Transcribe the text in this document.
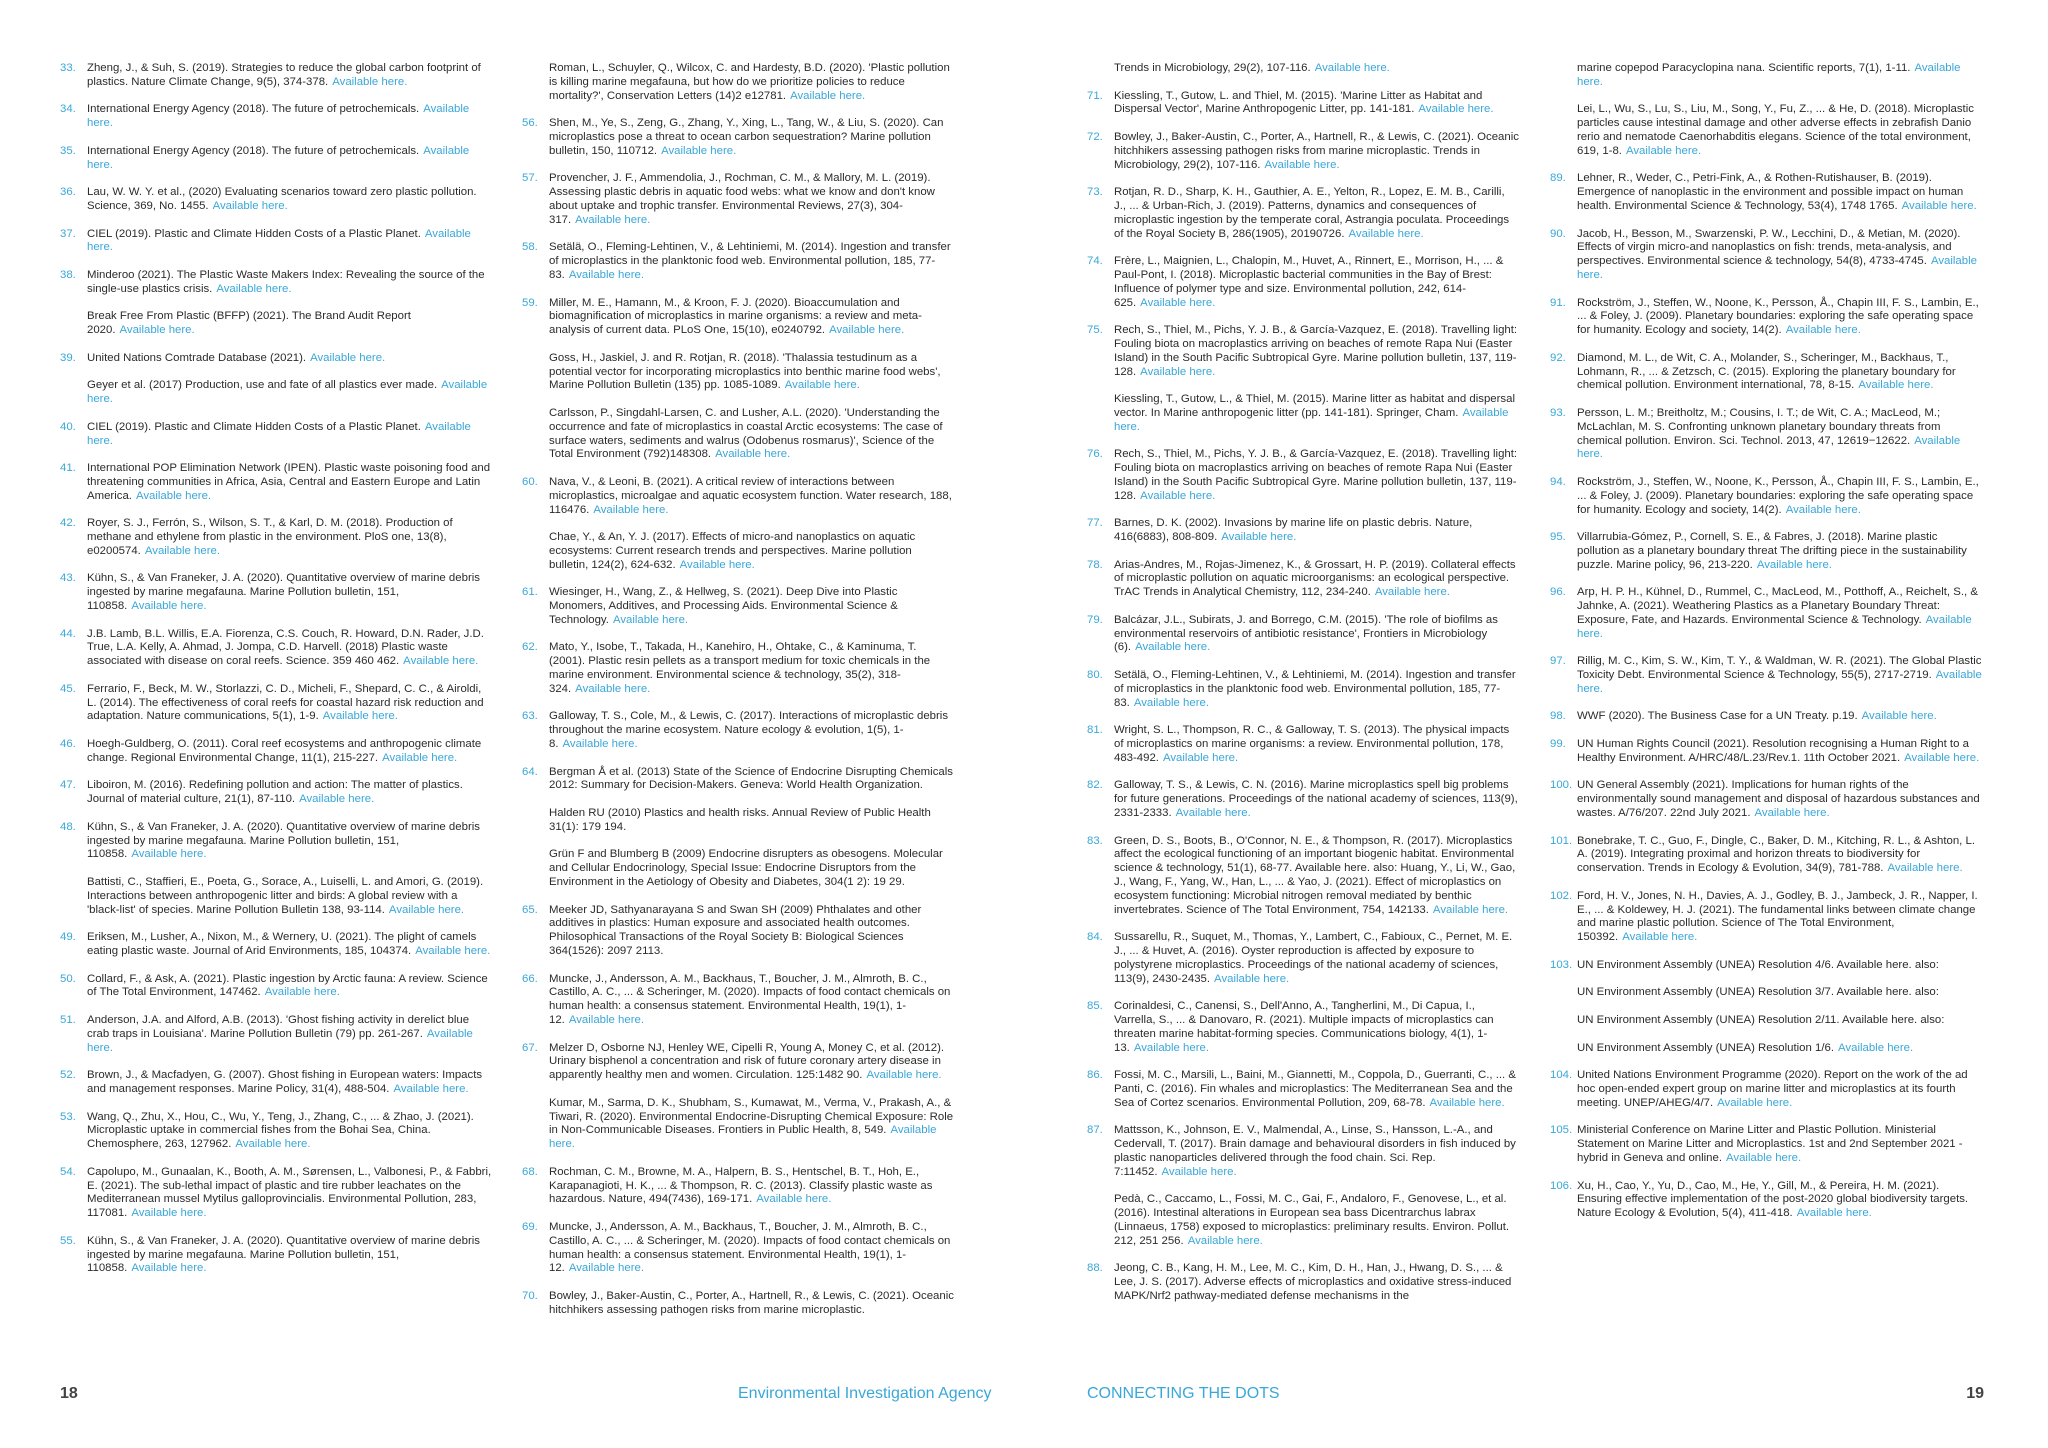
33. Zheng, J., & Suh, S. (2019). Strategies to reduce the global carbon footprint of plastics. Nature Climate Change, 9(5), 374-378. Available here.
34. International Energy Agency (2018). The future of petrochemicals. Available here.
35. International Energy Agency (2018). The future of petrochemicals. Available here.
36. Lau, W. W. Y. et al., (2020) Evaluating scenarios toward zero plastic pollution. Science, 369, No. 1455. Available here.
37. CIEL (2019). Plastic and Climate Hidden Costs of a Plastic Planet. Available here.
38. Minderoo (2021). The Plastic Waste Makers Index: Revealing the source of the single-use plastics crisis. Available here.
Break Free From Plastic (BFFP) (2021). The Brand Audit Report 2020. Available here.
39. United Nations Comtrade Database (2021). Available here.
Geyer et al. (2017) Production, use and fate of all plastics ever made. Available here.
40. CIEL (2019). Plastic and Climate Hidden Costs of a Plastic Planet. Available here.
41. International POP Elimination Network (IPEN). Plastic waste poisoning food and threatening communities in Africa, Asia, Central and Eastern Europe and Latin America. Available here.
42. Royer, S. J., Ferrón, S., Wilson, S. T., & Karl, D. M. (2018). Production of methane and ethylene from plastic in the environment. PloS one, 13(8), e0200574. Available here.
43. Kühn, S., & Van Franeker, J. A. (2020). Quantitative overview of marine debris ingested by marine megafauna. Marine Pollution bulletin, 151, 110858. Available here.
44. J.B. Lamb, B.L. Willis, E.A. Fiorenza, C.S. Couch, R. Howard, D.N. Rader, J.D. True, L.A. Kelly, A. Ahmad, J. Jompa, C.D. Harvell. (2018) Plastic waste associated with disease on coral reefs. Science. 359 460 462. Available here.
45. Ferrario, F., Beck, M. W., Storlazzi, C. D., Micheli, F., Shepard, C. C., & Airoldi, L. (2014). The effectiveness of coral reefs for coastal hazard risk reduction and adaptation. Nature communications, 5(1), 1-9. Available here.
46. Hoegh-Guldberg, O. (2011). Coral reef ecosystems and anthropogenic climate change. Regional Environmental Change, 11(1), 215-227. Available here.
47. Liboiron, M. (2016). Redefining pollution and action: The matter of plastics. Journal of material culture, 21(1), 87-110. Available here.
48. Kühn, S., & Van Franeker, J. A. (2020). Quantitative overview of marine debris ingested by marine megafauna. Marine Pollution bulletin, 151, 110858. Available here.
Battisti, C., Staffieri, E., Poeta, G., Sorace, A., Luiselli, L. and Amori, G. (2019). Interactions between anthropogenic litter and birds: A global review with a 'black-list' of species. Marine Pollution Bulletin 138, 93-114. Available here.
49. Eriksen, M., Lusher, A., Nixon, M., & Wernery, U. (2021). The plight of camels eating plastic waste. Journal of Arid Environments, 185, 104374. Available here.
50. Collard, F., & Ask, A. (2021). Plastic ingestion by Arctic fauna: A review. Science of The Total Environment, 147462. Available here.
51. Anderson, J.A. and Alford, A.B. (2013). 'Ghost fishing activity in derelict blue crab traps in Louisiana'. Marine Pollution Bulletin (79) pp. 261-267. Available here.
52. Brown, J., & Macfadyen, G. (2007). Ghost fishing in European waters: Impacts and management responses. Marine Policy, 31(4), 488-504. Available here.
53. Wang, Q., Zhu, X., Hou, C., Wu, Y., Teng, J., Zhang, C., ... & Zhao, J. (2021). Microplastic uptake in commercial fishes from the Bohai Sea, China. Chemosphere, 263, 127962. Available here.
54. Capolupo, M., Gunaalan, K., Booth, A. M., Sørensen, L., Valbonesi, P., & Fabbri, E. (2021). The sub-lethal impact of plastic and tire rubber leachates on the Mediterranean mussel Mytilus galloprovincialis. Environmental Pollution, 283, 117081. Available here.
55. Kühn, S., & Van Franeker, J. A. (2020). Quantitative overview of marine debris ingested by marine megafauna. Marine Pollution bulletin, 151, 110858. Available here.
Roman, L., Schuyler, Q., Wilcox, C. and Hardesty, B.D. (2020). 'Plastic pollution is killing marine megafauna, but how do we prioritize policies to reduce mortality?', Conservation Letters (14)2 e12781. Available here.
56. Shen, M., Ye, S., Zeng, G., Zhang, Y., Xing, L., Tang, W., & Liu, S. (2020). Can microplastics pose a threat to ocean carbon sequestration? Marine pollution bulletin, 150, 110712. Available here.
57. Provencher, J. F., Ammendolia, J., Rochman, C. M., & Mallory, M. L. (2019). Assessing plastic debris in aquatic food webs: what we know and don't know about uptake and trophic transfer. Environmental Reviews, 27(3), 304-317. Available here.
58. Setälä, O., Fleming-Lehtinen, V., & Lehtiniemi, M. (2014). Ingestion and transfer of microplastics in the planktonic food web. Environmental pollution, 185, 77-83. Available here.
59. Miller, M. E., Hamann, M., & Kroon, F. J. (2020). Bioaccumulation and biomagnification of microplastics in marine organisms: a review and meta-analysis of current data. PLoS One, 15(10), e0240792. Available here.
Goss, H., Jaskiel, J. and R. Rotjan, R. (2018). 'Thalassia testudinum as a potential vector for incorporating microplastics into benthic marine food webs', Marine Pollution Bulletin (135) pp. 1085-1089. Available here.
Carlsson, P., Singdahl-Larsen, C. and Lusher, A.L. (2020). 'Understanding the occurrence and fate of microplastics in coastal Arctic ecosystems: The case of surface waters, sediments and walrus (Odobenus rosmarus)', Science of the Total Environment (792)148308. Available here.
60. Nava, V., & Leoni, B. (2021). A critical review of interactions between microplastics, microalgae and aquatic ecosystem function. Water research, 188, 116476. Available here.
Chae, Y., & An, Y. J. (2017). Effects of micro-and nanoplastics on aquatic ecosystems: Current research trends and perspectives. Marine pollution bulletin, 124(2), 624-632. Available here.
61. Wiesinger, H., Wang, Z., & Hellweg, S. (2021). Deep Dive into Plastic Monomers, Additives, and Processing Aids. Environmental Science & Technology. Available here.
62. Mato, Y., Isobe, T., Takada, H., Kanehiro, H., Ohtake, C., & Kaminuma, T. (2001). Plastic resin pellets as a transport medium for toxic chemicals in the marine environment. Environmental science & technology, 35(2), 318-324. Available here.
63. Galloway, T. S., Cole, M., & Lewis, C. (2017). Interactions of microplastic debris throughout the marine ecosystem. Nature ecology & evolution, 1(5), 1-8. Available here.
64. Bergman Å et al. (2013) State of the Science of Endocrine Disrupting Chemicals 2012: Summary for Decision-Makers. Geneva: World Health Organization.
Halden RU (2010) Plastics and health risks. Annual Review of Public Health 31(1): 179 194.
Grün F and Blumberg B (2009) Endocrine disrupters as obesogens. Molecular and Cellular Endocrinology, Special Issue: Endocrine Disruptors from the Environment in the Aetiology of Obesity and Diabetes, 304(1 2): 19 29.
65. Meeker JD, Sathyanarayana S and Swan SH (2009) Phthalates and other additives in plastics: Human exposure and associated health outcomes. Philosophical Transactions of the Royal Society B: Biological Sciences 364(1526): 2097 2113.
66. Muncke, J., Andersson, A. M., Backhaus, T., Boucher, J. M., Almroth, B. C., Castillo, A. C., ... & Scheringer, M. (2020). Impacts of food contact chemicals on human health: a consensus statement. Environmental Health, 19(1), 1-12. Available here.
67. Melzer D, Osborne NJ, Henley WE, Cipelli R, Young A, Money C, et al. (2012). Urinary bisphenol a concentration and risk of future coronary artery disease in apparently healthy men and women. Circulation. 125:1482 90. Available here.
Kumar, M., Sarma, D. K., Shubham, S., Kumawat, M., Verma, V., Prakash, A., & Tiwari, R. (2020). Environmental Endocrine-Disrupting Chemical Exposure: Role in Non-Communicable Diseases. Frontiers in Public Health, 8, 549. Available here.
68. Rochman, C. M., Browne, M. A., Halpern, B. S., Hentschel, B. T., Hoh, E., Karapanagioti, H. K., ... & Thompson, R. C. (2013). Classify plastic waste as hazardous. Nature, 494(7436), 169-171. Available here.
69. Muncke, J., Andersson, A. M., Backhaus, T., Boucher, J. M., Almroth, B. C., Castillo, A. C., ... & Scheringer, M. (2020). Impacts of food contact chemicals on human health: a consensus statement. Environmental Health, 19(1), 1-12. Available here.
70. Bowley, J., Baker-Austin, C., Porter, A., Hartnell, R., & Lewis, C. (2021). Oceanic hitchhikers assessing pathogen risks from marine microplastic.
Trends in Microbiology, 29(2), 107-116. Available here.
71. Kiessling, T., Gutow, L. and Thiel, M. (2015). 'Marine Litter as Habitat and Dispersal Vector', Marine Anthropogenic Litter, pp. 141-181. Available here.
72. Bowley, J., Baker-Austin, C., Porter, A., Hartnell, R., & Lewis, C. (2021). Oceanic hitchhikers assessing pathogen risks from marine microplastic. Trends in Microbiology, 29(2), 107-116. Available here.
73. Rotjan, R. D., Sharp, K. H., Gauthier, A. E., Yelton, R., Lopez, E. M. B., Carilli, J., ... & Urban-Rich, J. (2019). Patterns, dynamics and consequences of microplastic ingestion by the temperate coral, Astrangia poculata. Proceedings of the Royal Society B, 286(1905), 20190726. Available here.
74. Frère, L., Maignien, L., Chalopin, M., Huvet, A., Rinnert, E., Morrison, H., ... & Paul-Pont, I. (2018). Microplastic bacterial communities in the Bay of Brest: Influence of polymer type and size. Environmental pollution, 242, 614-625. Available here.
75. Rech, S., Thiel, M., Pichs, Y. J. B., & García-Vazquez, E. (2018). Travelling light: Fouling biota on macroplastics arriving on beaches of remote Rapa Nui (Easter Island) in the South Pacific Subtropical Gyre. Marine pollution bulletin, 137, 119-128. Available here.
Kiessling, T., Gutow, L., & Thiel, M. (2015). Marine litter as habitat and dispersal vector. In Marine anthropogenic litter (pp. 141-181). Springer, Cham. Available here.
76. Rech, S., Thiel, M., Pichs, Y. J. B., & García-Vazquez, E. (2018). Travelling light: Fouling biota on macroplastics arriving on beaches of remote Rapa Nui (Easter Island) in the South Pacific Subtropical Gyre. Marine pollution bulletin, 137, 119-128. Available here.
77. Barnes, D. K. (2002). Invasions by marine life on plastic debris. Nature, 416(6883), 808-809. Available here.
78. Arias-Andres, M., Rojas-Jimenez, K., & Grossart, H. P. (2019). Collateral effects of microplastic pollution on aquatic microorganisms: an ecological perspective. TrAC Trends in Analytical Chemistry, 112, 234-240. Available here.
79. Balcázar, J.L., Subirats, J. and Borrego, C.M. (2015). 'The role of biofilms as environmental reservoirs of antibiotic resistance', Frontiers in Microbiology (6). Available here.
80. Setälä, O., Fleming-Lehtinen, V., & Lehtiniemi, M. (2014). Ingestion and transfer of microplastics in the planktonic food web. Environmental pollution, 185, 77-83. Available here.
81. Wright, S. L., Thompson, R. C., & Galloway, T. S. (2013). The physical impacts of microplastics on marine organisms: a review. Environmental pollution, 178, 483-492. Available here.
82. Galloway, T. S., & Lewis, C. N. (2016). Marine microplastics spell big problems for future generations. Proceedings of the national academy of sciences, 113(9), 2331-2333. Available here.
83. Green, D. S., Boots, B., O'Connor, N. E., & Thompson, R. (2017). Microplastics affect the ecological functioning of an important biogenic habitat. Environmental science & technology, 51(1), 68-77. Available here. also: Huang, Y., Li, W., Gao, J., Wang, F., Yang, W., Han, L., ... & Yao, J. (2021). Effect of microplastics on ecosystem functioning: Microbial nitrogen removal mediated by benthic invertebrates. Science of The Total Environment, 754, 142133. Available here.
84. Sussarellu, R., Suquet, M., Thomas, Y., Lambert, C., Fabioux, C., Pernet, M. E. J., ... & Huvet, A. (2016). Oyster reproduction is affected by exposure to polystyrene microplastics. Proceedings of the national academy of sciences, 113(9), 2430-2435. Available here.
85. Corinaldesi, C., Canensi, S., Dell'Anno, A., Tangherlini, M., Di Capua, I., Varrella, S., ... & Danovaro, R. (2021). Multiple impacts of microplastics can threaten marine habitat-forming species. Communications biology, 4(1), 1-13. Available here.
86. Fossi, M. C., Marsili, L., Baini, M., Giannetti, M., Coppola, D., Guerranti, C., ... & Panti, C. (2016). Fin whales and microplastics: The Mediterranean Sea and the Sea of Cortez scenarios. Environmental Pollution, 209, 68-78. Available here.
87. Mattsson, K., Johnson, E. V., Malmendal, A., Linse, S., Hansson, L.-A., and Cedervall, T. (2017). Brain damage and behavioural disorders in fish induced by plastic nanoparticles delivered through the food chain. Sci. Rep. 7:11452. Available here.
Pedà, C., Caccamo, L., Fossi, M. C., Gai, F., Andaloro, F., Genovese, L., et al. (2016). Intestinal alterations in European sea bass Dicentrarchus labrax (Linnaeus, 1758) exposed to microplastics: preliminary results. Environ. Pollut. 212, 251 256. Available here.
88. Jeong, C. B., Kang, H. M., Lee, M. C., Kim, D. H., Han, J., Hwang, D. S., ... & Lee, J. S. (2017). Adverse effects of microplastics and oxidative stress-induced MAPK/Nrf2 pathway-mediated defense mechanisms in the
marine copepod Paracyclopina nana. Scientific reports, 7(1), 1-11. Available here.
Lei, L., Wu, S., Lu, S., Liu, M., Song, Y., Fu, Z., ... & He, D. (2018). Microplastic particles cause intestinal damage and other adverse effects in zebrafish Danio rerio and nematode Caenorhabditis elegans. Science of the total environment, 619, 1-8. Available here.
89. Lehner, R., Weder, C., Petri-Fink, A., & Rothen-Rutishauser, B. (2019). Emergence of nanoplastic in the environment and possible impact on human health. Environmental Science & Technology, 53(4), 1748 1765. Available here.
90. Jacob, H., Besson, M., Swarzenski, P. W., Lecchini, D., & Metian, M. (2020). Effects of virgin micro-and nanoplastics on fish: trends, meta-analysis, and perspectives. Environmental science & technology, 54(8), 4733-4745. Available here.
91. Rockström, J., Steffen, W., Noone, K., Persson, Å., Chapin III, F. S., Lambin, E., ... & Foley, J. (2009). Planetary boundaries: exploring the safe operating space for humanity. Ecology and society, 14(2). Available here.
92. Diamond, M. L., de Wit, C. A., Molander, S., Scheringer, M., Backhaus, T., Lohmann, R., ... & Zetzsch, C. (2015). Exploring the planetary boundary for chemical pollution. Environment international, 78, 8-15. Available here.
93. Persson, L. M.; Breitholtz, M.; Cousins, I. T.; de Wit, C. A.; MacLeod, M.; McLachlan, M. S. Confronting unknown planetary boundary threats from chemical pollution. Environ. Sci. Technol. 2013, 47, 12619−12622. Available here.
94. Rockström, J., Steffen, W., Noone, K., Persson, Å., Chapin III, F. S., Lambin, E., ... & Foley, J. (2009). Planetary boundaries: exploring the safe operating space for humanity. Ecology and society, 14(2). Available here.
95. Villarrubia-Gómez, P., Cornell, S. E., & Fabres, J. (2018). Marine plastic pollution as a planetary boundary threat The drifting piece in the sustainability puzzle. Marine policy, 96, 213-220. Available here.
96. Arp, H. P. H., Kühnel, D., Rummel, C., MacLeod, M., Potthoff, A., Reichelt, S., & Jahnke, A. (2021). Weathering Plastics as a Planetary Boundary Threat: Exposure, Fate, and Hazards. Environmental Science & Technology. Available here.
97. Rillig, M. C., Kim, S. W., Kim, T. Y., & Waldman, W. R. (2021). The Global Plastic Toxicity Debt. Environmental Science & Technology, 55(5), 2717-2719. Available here.
98. WWF (2020). The Business Case for a UN Treaty. p.19. Available here.
99. UN Human Rights Council (2021). Resolution recognising a Human Right to a Healthy Environment. A/HRC/48/L.23/Rev.1. 11th October 2021. Available here.
100. UN General Assembly (2021). Implications for human rights of the environmentally sound management and disposal of hazardous substances and wastes. A/76/207. 22nd July 2021. Available here.
101. Bonebrake, T. C., Guo, F., Dingle, C., Baker, D. M., Kitching, R. L., & Ashton, L. A. (2019). Integrating proximal and horizon threats to biodiversity for conservation. Trends in Ecology & Evolution, 34(9), 781-788. Available here.
102. Ford, H. V., Jones, N. H., Davies, A. J., Godley, B. J., Jambeck, J. R., Napper, I. E., ... & Koldewey, H. J. (2021). The fundamental links between climate change and marine plastic pollution. Science of The Total Environment, 150392. Available here.
103. UN Environment Assembly (UNEA) Resolution 4/6. Available here. also:
UN Environment Assembly (UNEA) Resolution 3/7. Available here. also:
UN Environment Assembly (UNEA) Resolution 2/11. Available here. also:
UN Environment Assembly (UNEA) Resolution 1/6. Available here.
104. United Nations Environment Programme (2020). Report on the work of the ad hoc open-ended expert group on marine litter and microplastics at its fourth meeting. UNEP/AHEG/4/7. Available here.
105. Ministerial Conference on Marine Litter and Plastic Pollution. Ministerial Statement on Marine Litter and Microplastics. 1st and 2nd September 2021 - hybrid in Geneva and online. Available here.
106. Xu, H., Cao, Y., Yu, D., Cao, M., He, Y., Gill, M., & Pereira, H. M. (2021). Ensuring effective implementation of the post-2020 global biodiversity targets. Nature Ecology & Evolution, 5(4), 411-418. Available here.
18	Environmental Investigation Agency	CONNECTING THE DOTS	19
